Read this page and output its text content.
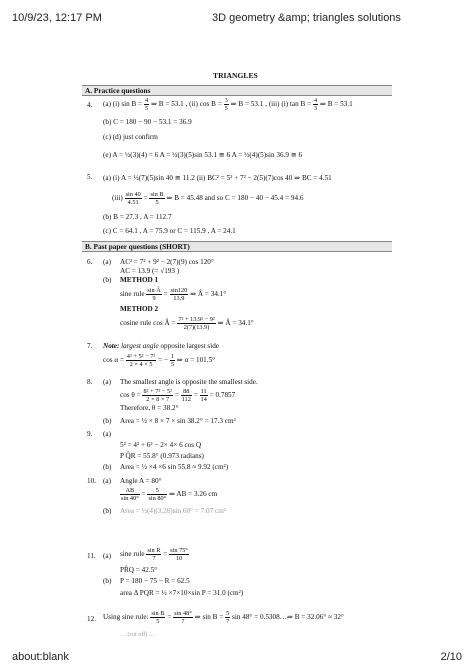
10/9/23, 12:17 PM	3D geometry &amp; triangles solutions
TRIANGLES
A. Practice questions
4. (a) (i) $\sin B = \frac{4}{5}$ ⇒ B = 53.1 , (ii) $\cos B = \frac{3}{5}$ ⇒ B = 53.1 , (iii) (i) $\tan B = \frac{4}{3}$ ⇒ B = 53.1
(b) C = 180 − 90 − 53.1 = 36.9
(c) (d) just confirm
(e) A = ½(3)(4) = 6 A = ½(3)(5)sin 53.1 ≅ 6 A = ½(4)(5)sin 36.9 ≅ 6
5. (a) (i) A = ½(7)(5)sin 40 ≅ 11.2 (ii) BC² = 5² + 7² − 2(5)(7)cos 40 ⇒ BC = 4.51
$(iii) \frac{\sin 40}{4.51} = \frac{\text{sin B}}{5}$ ⇒ B = 45.48 and so C = 180 − 40 − 45.4 = 94.6
(b) B = 27.3 , A = 112.7
(c) C = 64.1 , A = 75.9 or C = 115.9 , A = 24.1
B. Past paper questions (SHORT)
6. (a) AC² = 7² + 9² − 2(7)(9) cos 120°
AC = 13.9 (= √193 )
(b) METHOD 1
sine rule $\frac{\text{sin Â}}{9} = \frac{\sin 120}{13.9}$ ⇒ Â = 34.1°
METHOD 2
cosine rule cos Â = $\frac{\text{7² + 13.9² − 9²}}{2(7)(13.9)}$ ⇒ Â = 34.1°
7. Note: largest angle opposite largest side
$\cos \alpha = \frac{\text{4² + 5² − 7²}}{2 \times 4 \times 5}$ = − $\frac{1}{5}$ ⇒ α = 101.5°
8. (a) The smallest angle is opposite the smallest side.
$\cos \theta = \frac{\text{8² + 7² − 5²}}{2 \times 8 \times 7} = \frac{88}{112} = \frac{11}{14} = 0.7857$
Therefore, θ = 38.2°
(b) Area = ½ × 8 × 7 × sin 38.2° = 17.3 cm²
9. (a)
5² = 4² + 6² − 2× 4× 6 cos Q
P Q̂R = 55.8° (0.973 radians)
(b) Area = ½ ×4 ×6 sin 55.8 ≈ 9.92 (cm²)
10. (a) Angle A = 80°
$\frac{AB}{\sin 40^\circ} = \frac{5}{\sin 80^\circ}$ ⇒ AB = 3.26 cm
(b) Area = ½(4)(3.26)sin 60° = 7.07 cm²
11. (a) sine rule $\frac{\text{sin R}}{7} = \frac{\sin 75^\circ}{10}$
PR̂Q = 42.5°
(b) P = 180 − 75 − R = 62.5
area Δ PQR = ½ ×7×10×sin P = 31.0 (cm²)
12. Using sine rule: $\frac{\text{sin B}}{5} = \frac{\sin 48^\circ}{7}$ ⇒ $\sin B = \frac{5}{7}$ sin 48° = 0.5308…⇒ B = 32.06° ≈ 32°
… (cut off) …
about:blank	2/10
